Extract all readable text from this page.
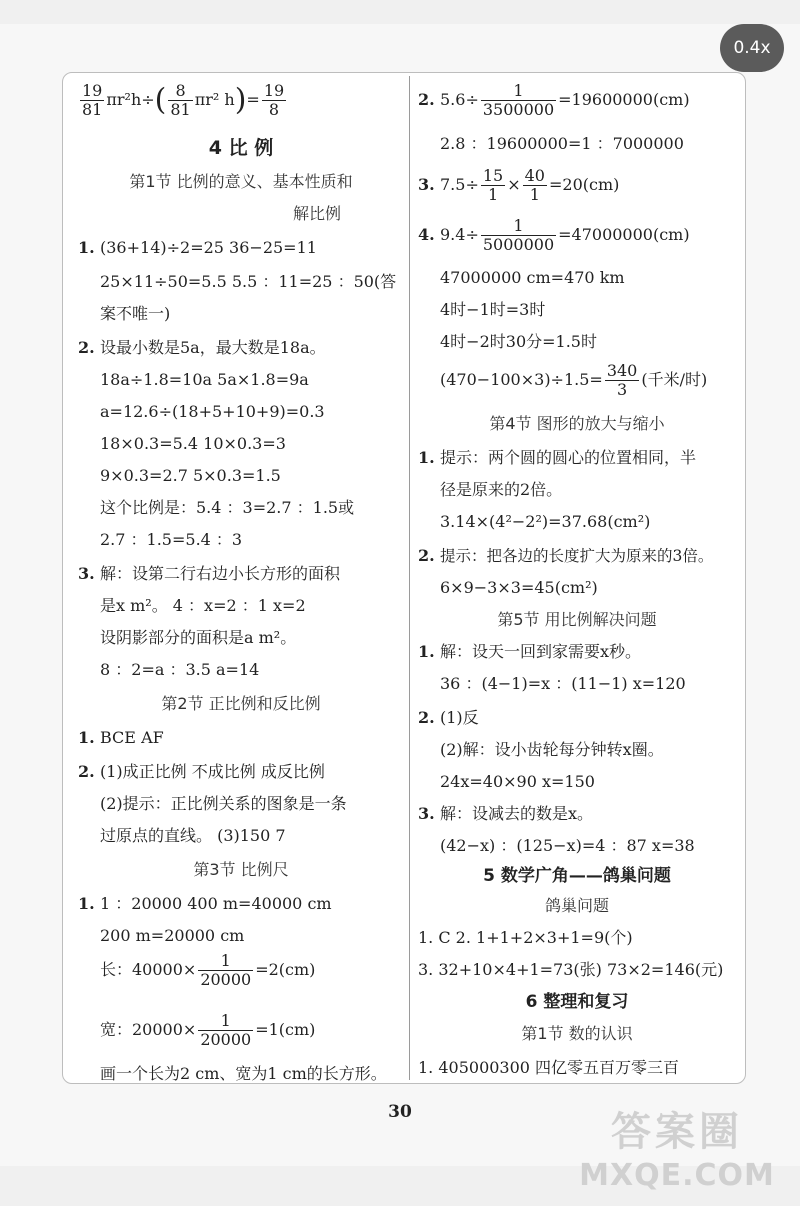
0.4x
$\frac{19}{81} \pi r^2h\div( \frac{8}{81} \pi r^2$ $h)= \frac{19}{8}$
4 比 例
第1节 比例的意义、基本性质和
解比例
1. (36+14)÷2=25 36−25=11
25×11÷50=5.5 5.5 ：11=25 ：50(答
案不唯一)
2. 设最小数是5a，最大数是18a。
18a÷1.8=10a 5a×1.8=9a
a=12.6÷(18+5+10+9)=0.3
18×0.3=5.4 10×0.3=3
9×0.3=2.7 5×0.3=1.5
这个比例是：5.4 ：3=2.7 ：1.5或
2.7 ：1.5=5.4 ：3
3. 解：设第二行右边小长方形的面积
是x m²。 4 ：x=2 ：1 x=2
设阴影部分的面积是a m²。
8 ：2=a ：3.5 a=14
第2节 正比例和反比例
1. BCE AF
2. (1)成正比例 不成比例 成反比例
(2)提示：正比例关系的图象是一条
过原点的直线。 (3)150 7
第3节 比例尺
1. 1 ：20000 400 m=40000 cm
200 m=20000 cm
长：$40000\times \frac{1}{20000} =2(cm)$
宽：$20000\times \frac{1}{20000} =1(cm)$
画一个长为2 cm、宽为1 cm的长方形。
2. $5.6\div \frac{1}{3500000} =19600000(cm)$
2.8 ：19600000=1 ：7000000
3. $7.5\div \frac{15}{1} \times \frac{40}{1} =20(cm)$
4. $9.4\div \frac{1}{5000000} =47000000(cm)$
47000000 cm=470 km
4时−1时=3时
4时−2时30分=1.5时
$(470-100\times 3)\div 1.5= \frac{340}{3}$ (千米/时)
第4节 图形的放大与缩小
1. 提示：两个圆的圆心的位置相同，半
径是原来的2倍。
3.14×(4²−2²)=37.68(cm²)
2. 提示：把各边的长度扩大为原来的3倍。
6×9−3×3=45(cm²)
第5节 用比例解决问题
1. 解：设天一回到家需要x秒。
36 ：(4−1)=x ：(11−1) x=120
2. (1)反
(2)解：设小齿轮每分钟转x圈。
24x=40×90 x=150
3. 解：设减去的数是x。
(42−x) ：(125−x)=4 ：87 x=38
5 数学广角——鸽巢问题
鸽巢问题
1. C 2. 1+1+2×3+1=9(个)
3. 32+10×4+1=73(张) 73×2=146(元)
6 整理和复习
第1节 数的认识
1. 405000300 四亿零五百万零三百
30	答案圈
MXQE.COM
